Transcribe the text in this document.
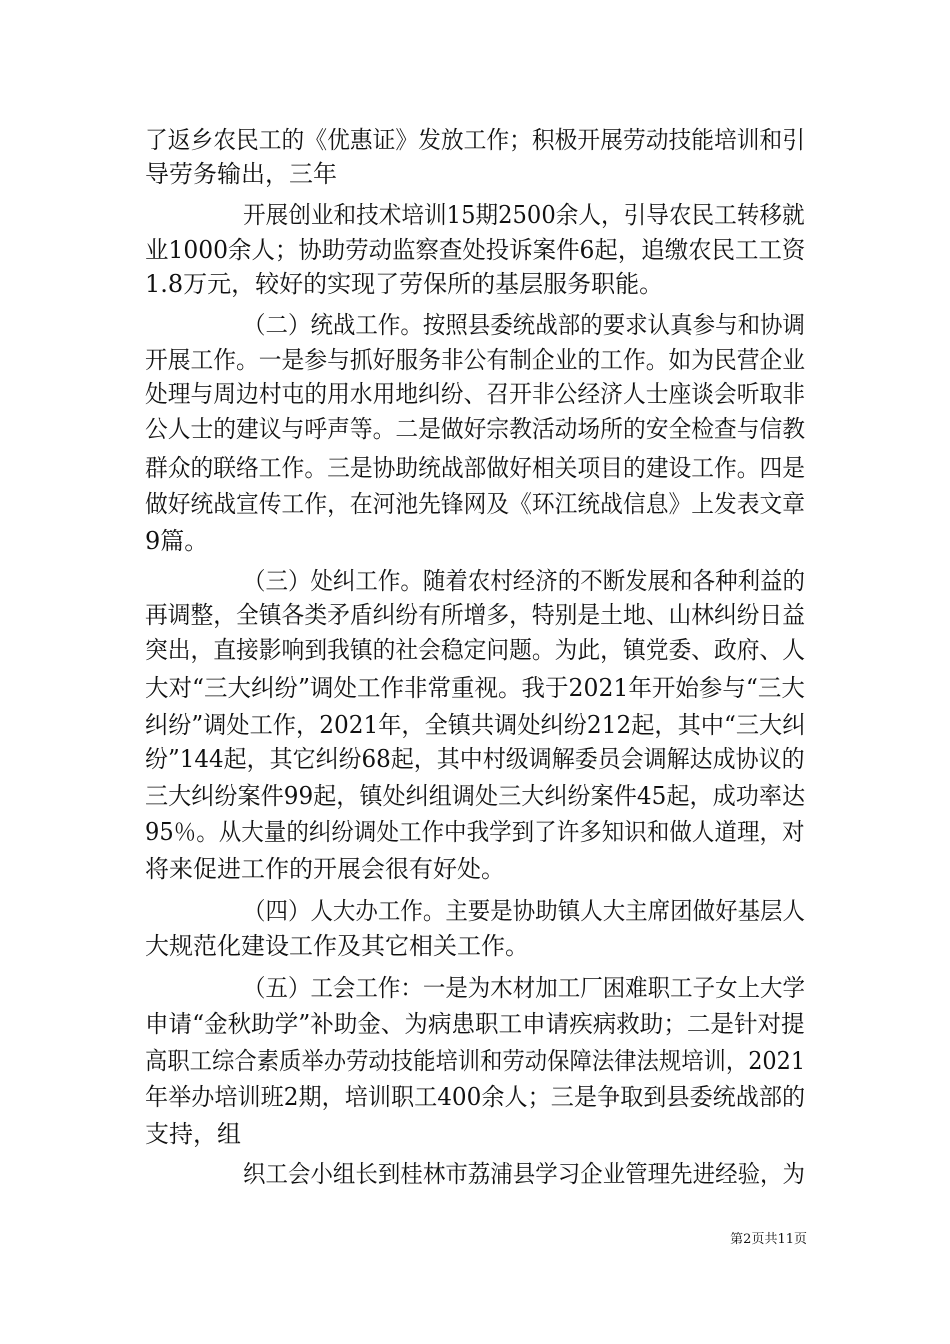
了返乡农民工的《优惠证》发放工作；积极开展劳动技能培训和引
导劳务输出，三年
开展创业和技术培训15期2500余人，引导农民工转移就
业1000余人；协助劳动监察查处投诉案件6起，追缴农民工工资
1.8万元，较好的实现了劳保所的基层服务职能。
（二）统战工作。按照县委统战部的要求认真参与和协调
开展工作。一是参与抓好服务非公有制企业的工作。如为民营企业
处理与周边村屯的用水用地纠纷、召开非公经济人士座谈会听取非
公人士的建议与呼声等。二是做好宗教活动场所的安全检查与信教
群众的联络工作。三是协助统战部做好相关项目的建设工作。四是
做好统战宣传工作，在河池先锋网及《环江统战信息》上发表文章
9篇。
（三）处纠工作。随着农村经济的不断发展和各种利益的
再调整，全镇各类矛盾纠纷有所增多，特别是土地、山林纠纷日益
突出，直接影响到我镇的社会稳定问题。为此，镇党委、政府、人
大对“三大纠纷”调处工作非常重视。我于2021年开始参与“三大
纠纷”调处工作，2021年，全镇共调处纠纷212起，其中“三大纠
纷”144起，其它纠纷68起，其中村级调解委员会调解达成协议的
三大纠纷案件99起，镇处纠组调处三大纠纷案件45起，成功率达
95％。从大量的纠纷调处工作中我学到了许多知识和做人道理，对
将来促进工作的开展会很有好处。
（四）人大办工作。主要是协助镇人大主席团做好基层人
大规范化建设工作及其它相关工作。
（五）工会工作：一是为木材加工厂困难职工子女上大学
申请“金秋助学”补助金、为病患职工申请疾病救助；二是针对提
高职工综合素质举办劳动技能培训和劳动保障法律法规培训，2021
年举办培训班2期，培训职工400余人；三是争取到县委统战部的
支持，组
织工会小组长到桂林市荔浦县学习企业管理先进经验，为
第2页共11页
